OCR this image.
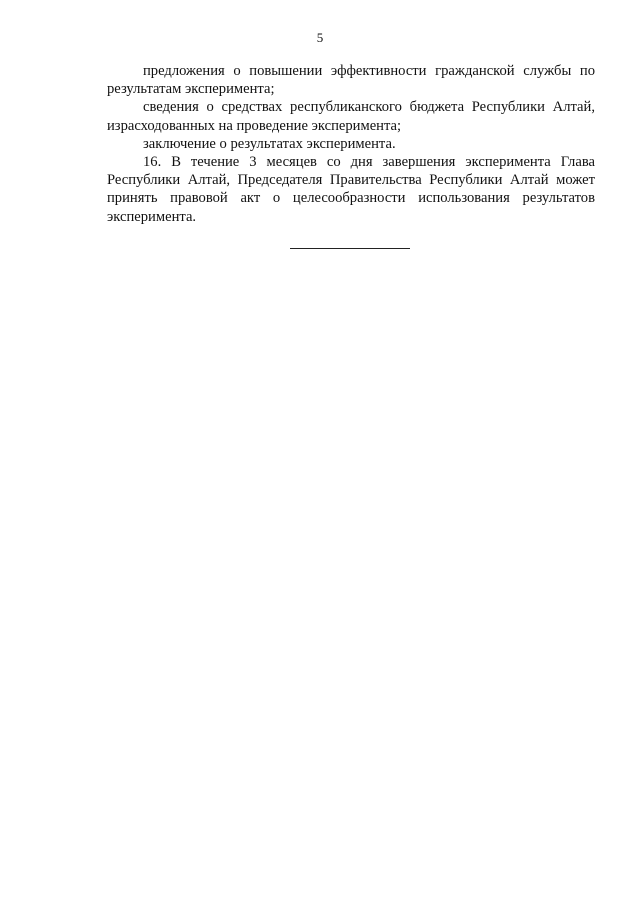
5

предложения о повышении эффективности гражданской службы по результатам эксперимента;

сведения о средствах республиканского бюджета Республики Алтай, израсходованных на проведение эксперимента;

заключение о результатах эксперимента.

16. В течение 3 месяцев со дня завершения эксперимента Глава Республики Алтай, Председателя Правительства Республики Алтай может принять правовой акт о целесообразности использования результатов эксперимента.
